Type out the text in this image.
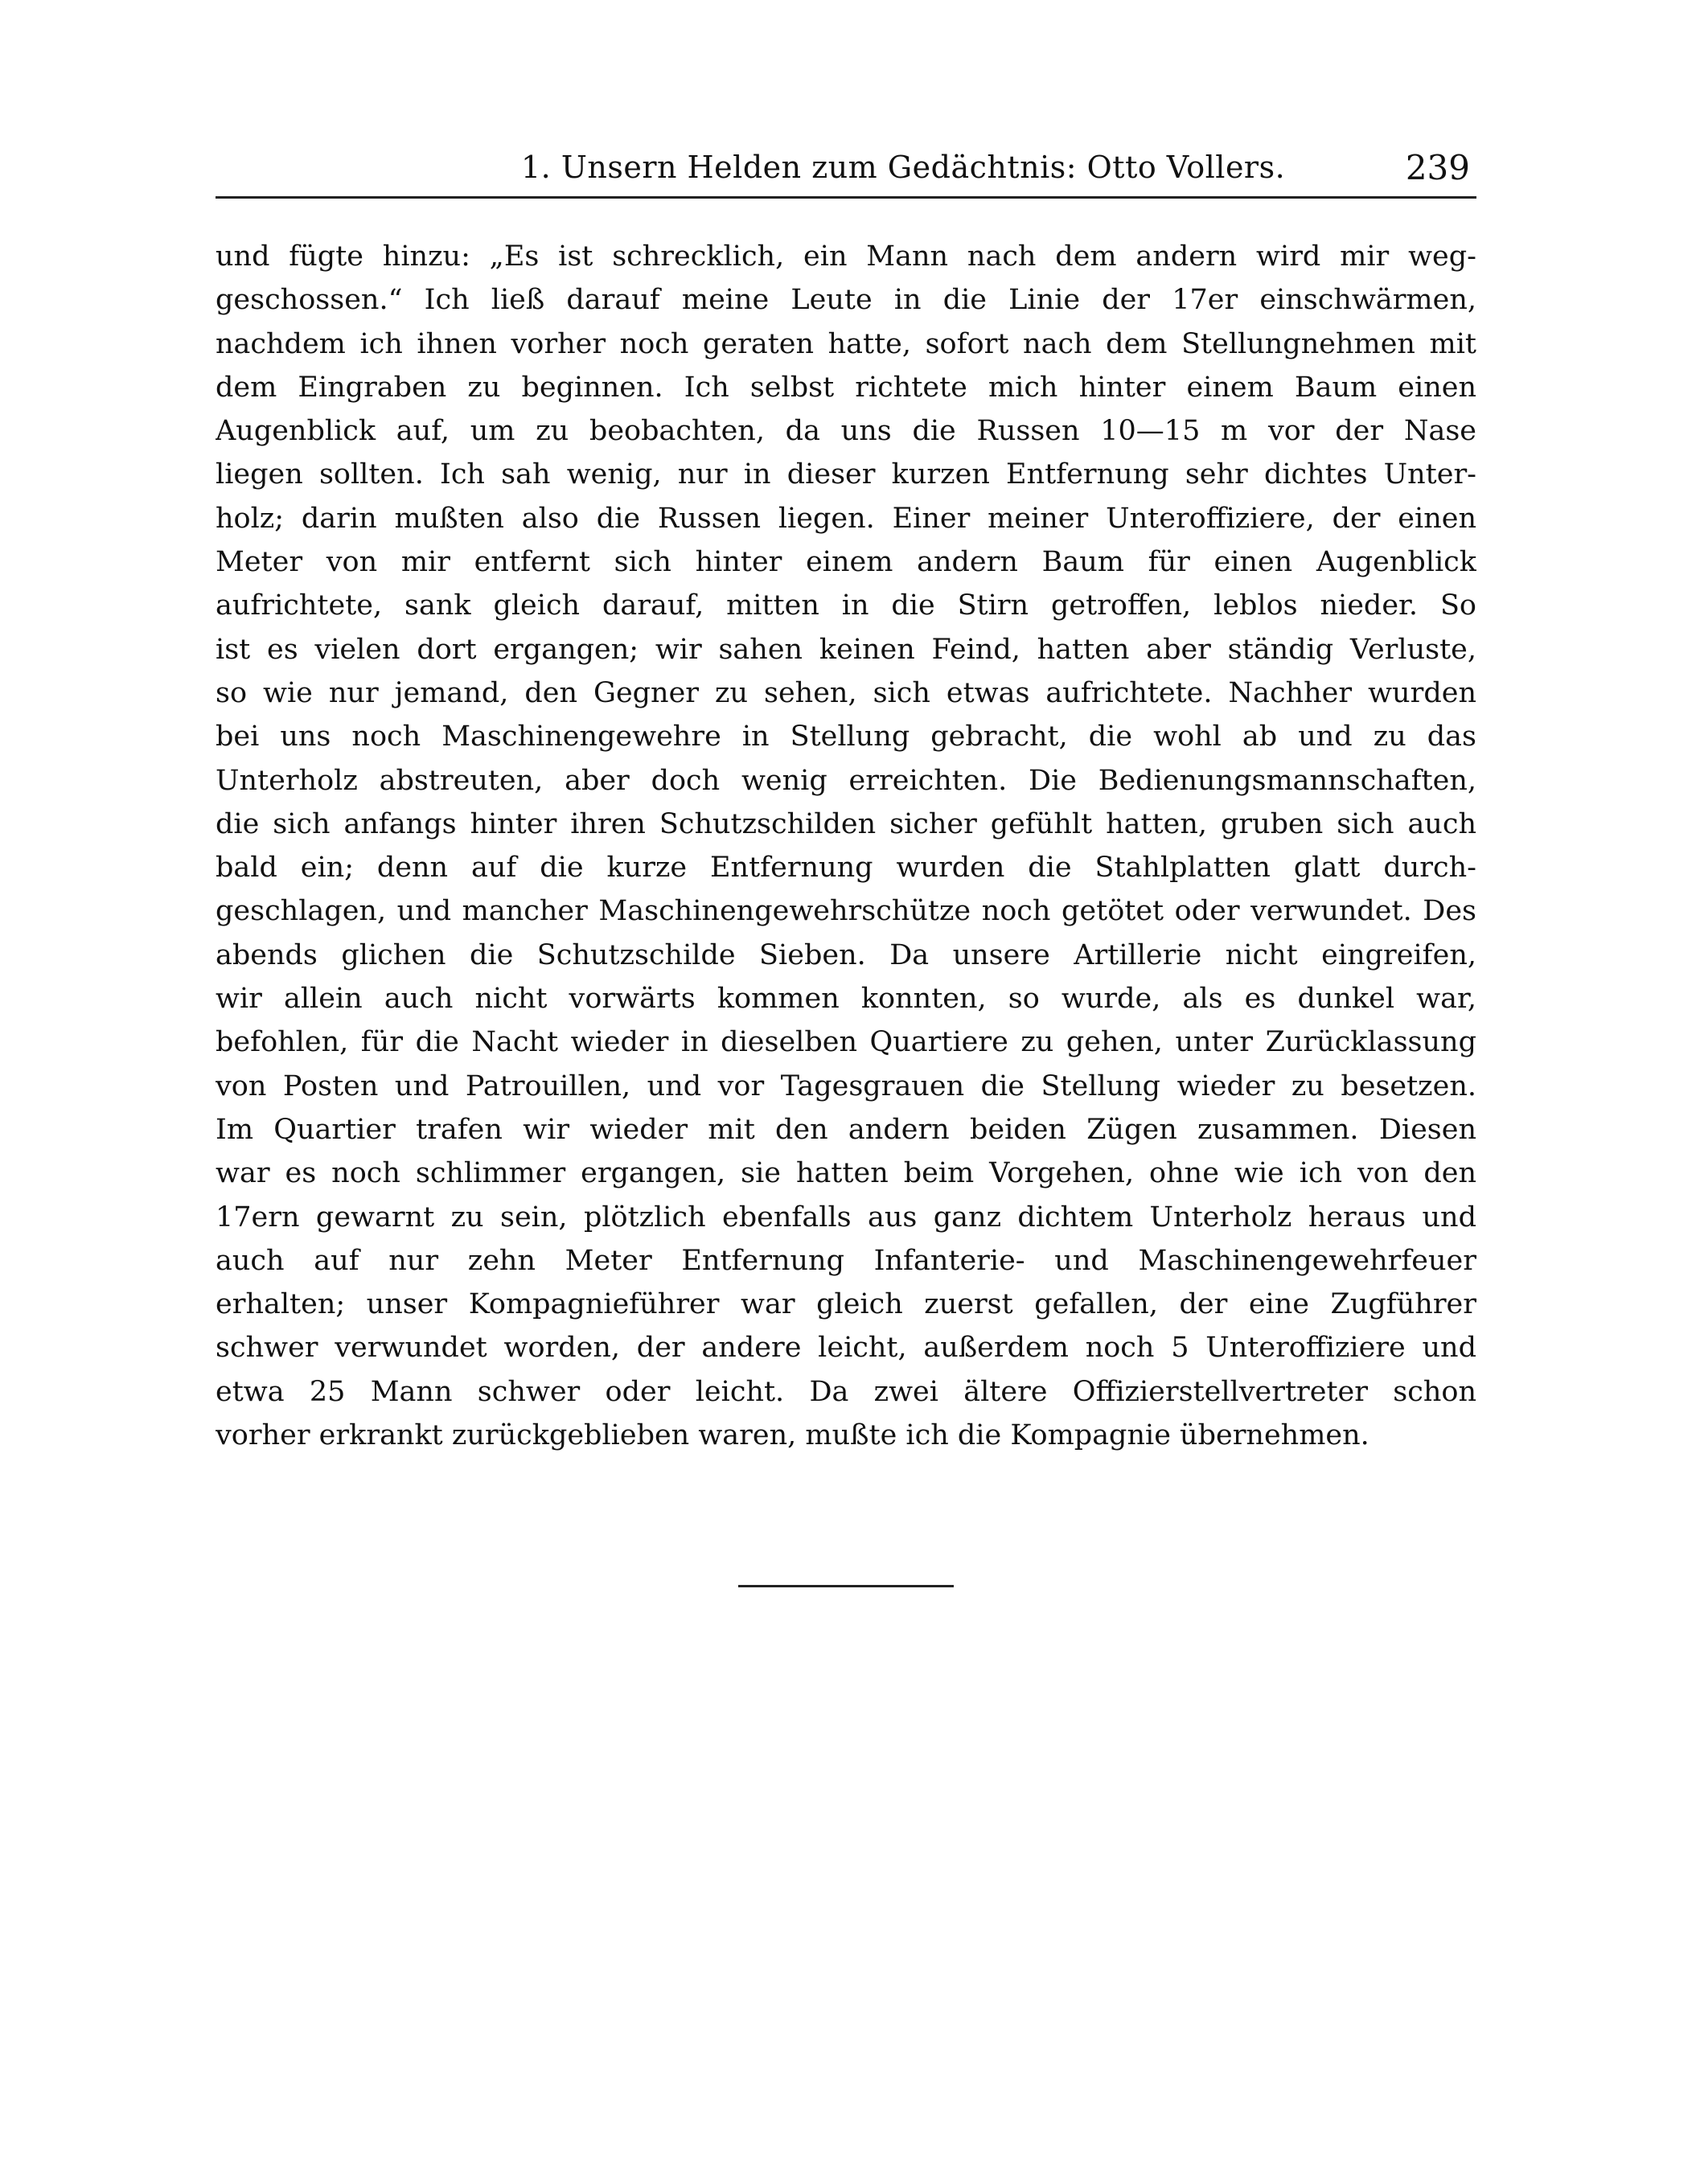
1. Unsern Helden zum Gedächtnis: Otto Vollers.	239
und fügte hinzu: „Es ist schrecklich, ein Mann nach dem andern wird mir weg-
geschossen.“ Ich ließ darauf meine Leute in die Linie der 17er einschwärmen,
nachdem ich ihnen vorher noch geraten hatte, sofort nach dem Stellungnehmen mit
dem Eingraben zu beginnen. Ich selbst richtete mich hinter einem Baum einen
Augenblick auf, um zu beobachten, da uns die Russen 10—15 m vor der Nase
liegen sollten. Ich sah wenig, nur in dieser kurzen Entfernung sehr dichtes Unter-
holz; darin mußten also die Russen liegen. Einer meiner Unteroffiziere, der einen
Meter von mir entfernt sich hinter einem andern Baum für einen Augenblick
aufrichtete, sank gleich darauf, mitten in die Stirn getroffen, leblos nieder. So
ist es vielen dort ergangen; wir sahen keinen Feind, hatten aber ständig Verluste,
so wie nur jemand, den Gegner zu sehen, sich etwas aufrichtete. Nachher wurden
bei uns noch Maschinengewehre in Stellung gebracht, die wohl ab und zu das
Unterholz abstreuten, aber doch wenig erreichten. Die Bedienungsmannschaften,
die sich anfangs hinter ihren Schutzschilden sicher gefühlt hatten, gruben sich auch
bald ein; denn auf die kurze Entfernung wurden die Stahlplatten glatt durch-
geschlagen, und mancher Maschinengewehrschütze noch getötet oder verwundet. Des
abends glichen die Schutzschilde Sieben. Da unsere Artillerie nicht eingreifen,
wir allein auch nicht vorwärts kommen konnten, so wurde, als es dunkel war,
befohlen, für die Nacht wieder in dieselben Quartiere zu gehen, unter Zurücklassung
von Posten und Patrouillen, und vor Tagesgrauen die Stellung wieder zu besetzen.
Im Quartier trafen wir wieder mit den andern beiden Zügen zusammen. Diesen
war es noch schlimmer ergangen, sie hatten beim Vorgehen, ohne wie ich von den
17ern gewarnt zu sein, plötzlich ebenfalls aus ganz dichtem Unterholz heraus und
auch auf nur zehn Meter Entfernung Infanterie- und Maschinengewehrfeuer
erhalten; unser Kompagnieführer war gleich zuerst gefallen, der eine Zugführer
schwer verwundet worden, der andere leicht, außerdem noch 5 Unteroffiziere und
etwa 25 Mann schwer oder leicht. Da zwei ältere Offizierstellvertreter schon
vorher erkrankt zurückgeblieben waren, mußte ich die Kompagnie übernehmen.
